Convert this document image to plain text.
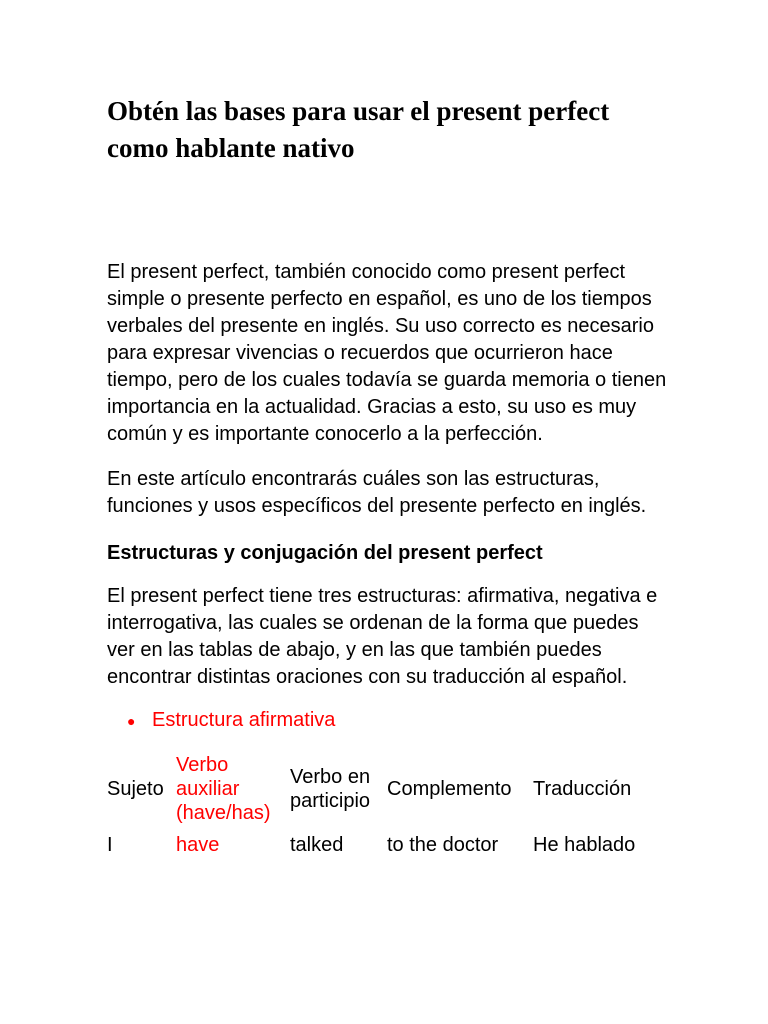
Obtén las bases para usar el present perfect como hablante nativo

El present perfect, también conocido como present perfect simple o presente perfecto en español, es uno de los tiempos verbales del presente en inglés. Su uso correcto es necesario para expresar vivencias o recuerdos que ocurrieron hace tiempo, pero de los cuales todavía se guarda memoria o tienen importancia en la actualidad. Gracias a esto, su uso es muy común y es importante conocerlo a la perfección.

En este artículo encontrarás cuáles son las estructuras, funciones y usos específicos del presente perfecto en inglés.

Estructuras y conjugación del present perfect

El present perfect tiene tres estructuras: afirmativa, negativa e interrogativa, las cuales se ordenan de la forma que puedes ver en las tablas de abajo, y en las que también puedes encontrar distintas oraciones con su traducción al español.

● Estructura afirmativa
Sujeto	Verbo auxiliar (have/has)	Verbo en participio	Complemento	Traducción
I	have	talked	to the doctor	He hablado
